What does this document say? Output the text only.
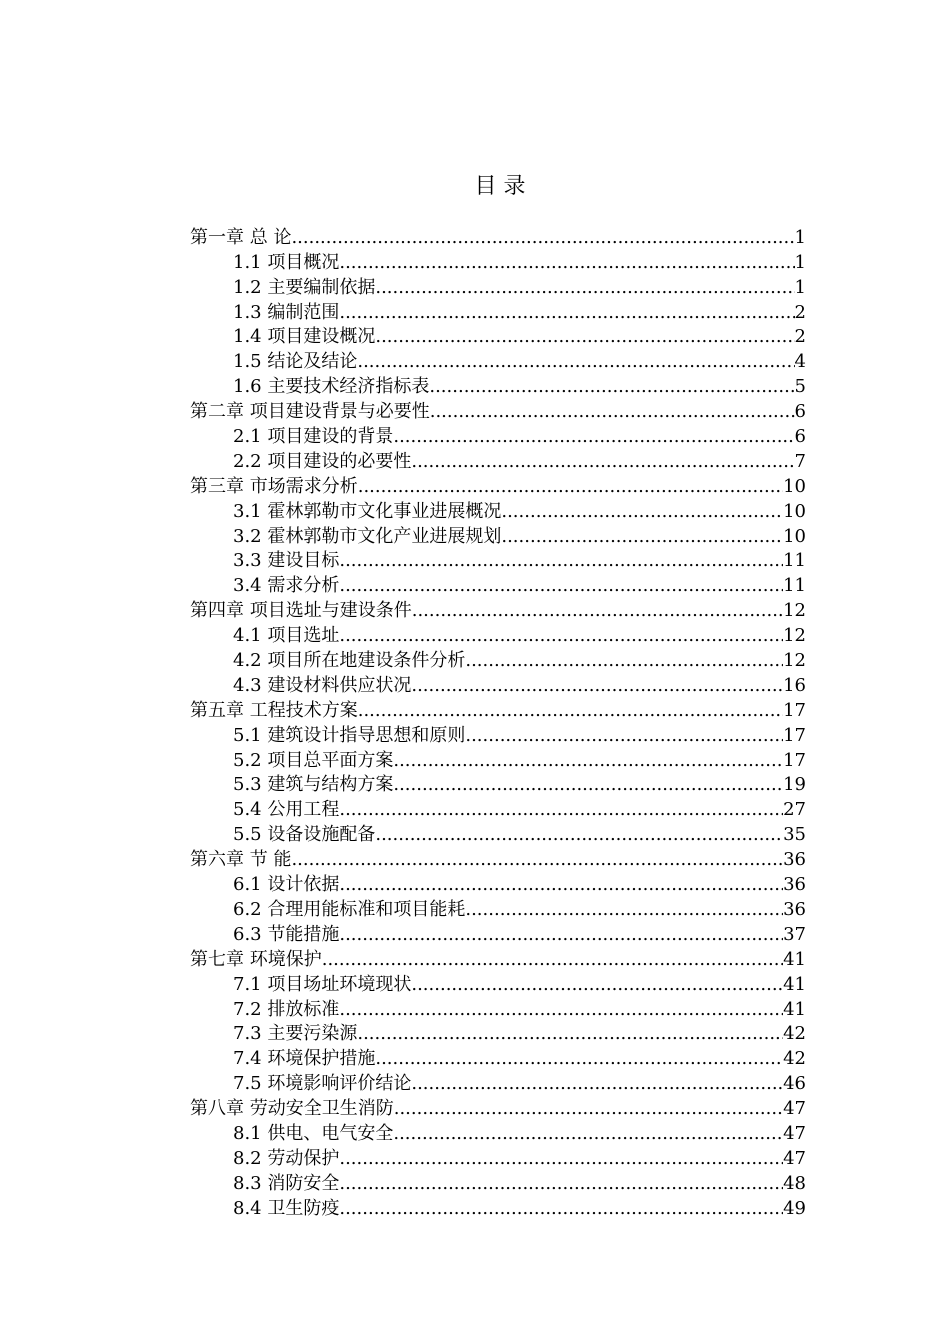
目 录
第一章 总 论 .....	1
1.1 项目概况 .....	1
1.2 主要编制依据 .....	1
1.3 编制范围 .....	2
1.4 项目建设概况 .....	2
1.5 结论及结论 .....	4
1.6 主要技术经济指标表 .....	5
第二章 项目建设背景与必要性 .....	6
2.1 项目建设的背景 .....	6
2.2 项目建设的必要性 .....	7
第三章 市场需求分析 .....	10
3.1 霍林郭勒市文化事业进展概况 .....	10
3.2 霍林郭勒市文化产业进展规划 .....	10
3.3 建设目标 .....	11
3.4 需求分析 .....	11
第四章 项目选址与建设条件 .....	12
4.1 项目选址 .....	12
4.2 项目所在地建设条件分析 .....	12
4.3 建设材料供应状况 .....	16
第五章 工程技术方案 .....	17
5.1 建筑设计指导思想和原则 .....	17
5.2 项目总平面方案 .....	17
5.3 建筑与结构方案 .....	19
5.4 公用工程 .....	27
5.5 设备设施配备 .....	35
第六章 节 能 .....	36
6.1 设计依据 .....	36
6.2 合理用能标准和项目能耗 .....	36
6.3 节能措施 .....	37
第七章 环境保护 .....	41
7.1 项目场址环境现状 .....	41
7.2 排放标准 .....	41
7.3 主要污染源 .....	42
7.4 环境保护措施 .....	42
7.5 环境影响评价结论 .....	46
第八章 劳动安全卫生消防 .....	47
8.1 供电、电气安全 .....	47
8.2 劳动保护 .....	47
8.3 消防安全 .....	48
8.4 卫生防疫 .....	49
